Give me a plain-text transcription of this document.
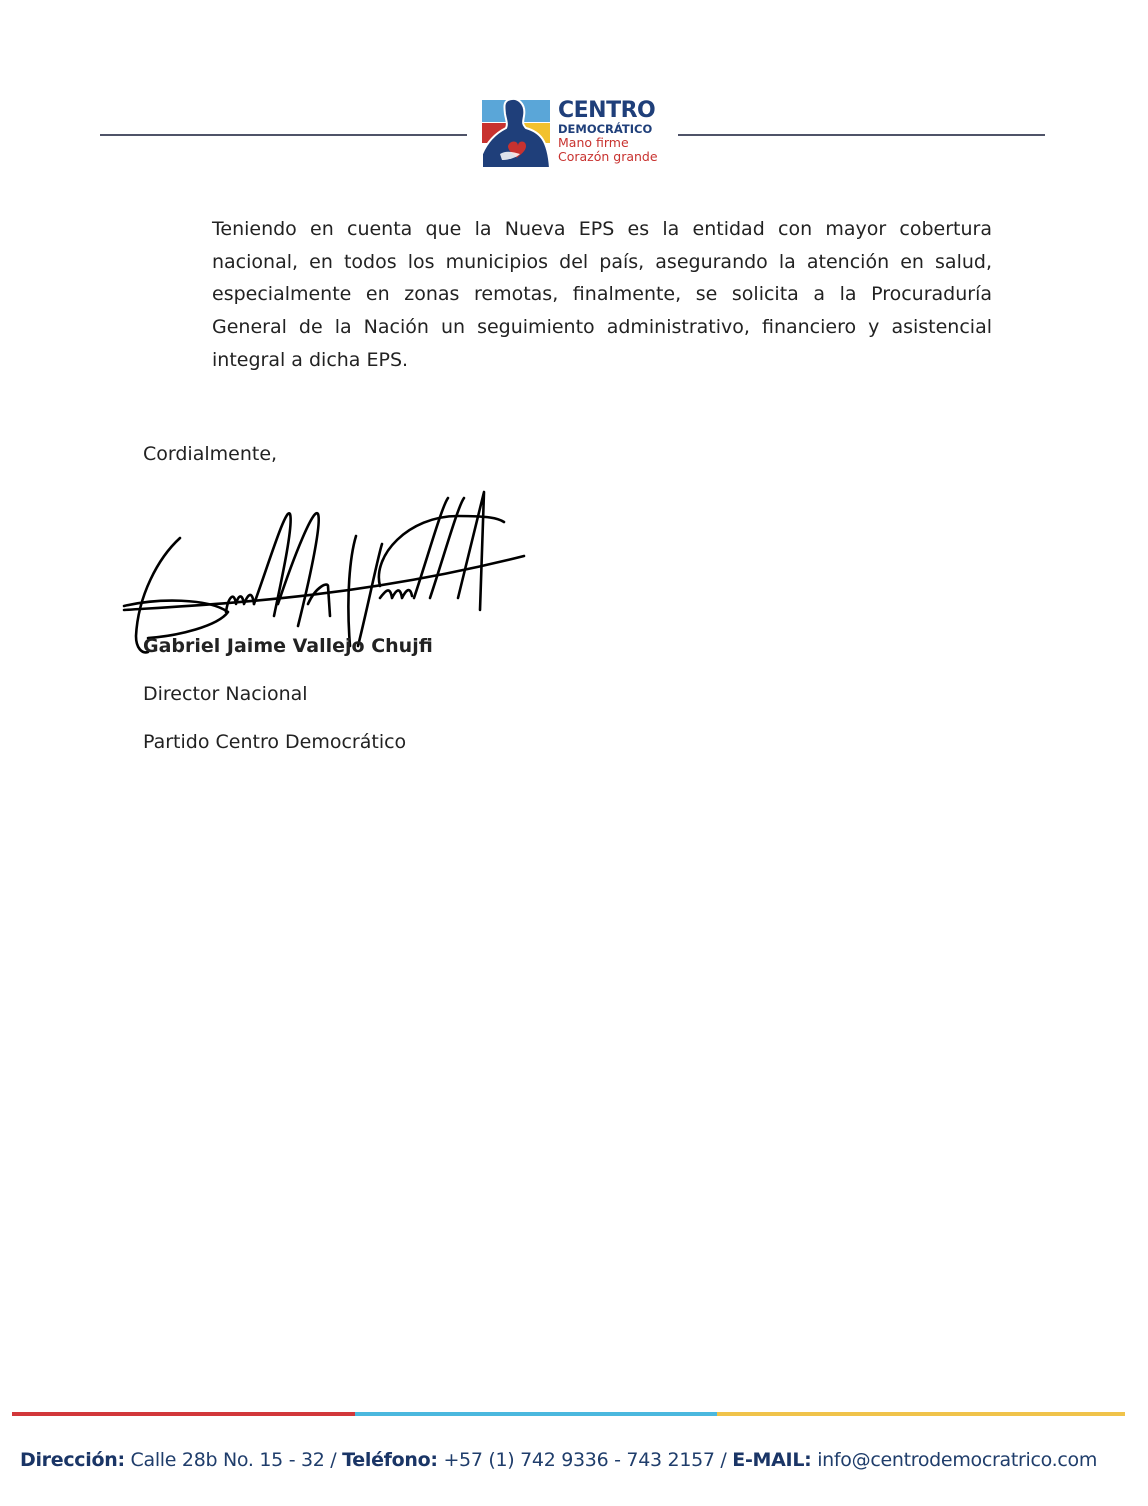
CENTRO
DEMOCRÁTICO
Mano firme
Corazón grande

Teniendo en cuenta que la Nueva EPS es la entidad con mayor cobertura nacional, en todos los municipios del país, asegurando la atención en salud, especialmente en zonas remotas, finalmente, se solicita a la Procuraduría General de la Nación un seguimiento administrativo, financiero y asistencial integral a dicha EPS.

Cordialmente,
Gabriel Jaime Vallejo Chujfi
Director Nacional
Partido Centro Democrático
Dirección: Calle 28b No. 15 - 32 / Teléfono: +57 (1) 742 9336 - 743 2157 / E-MAIL: info@centrodemocratrico.com
